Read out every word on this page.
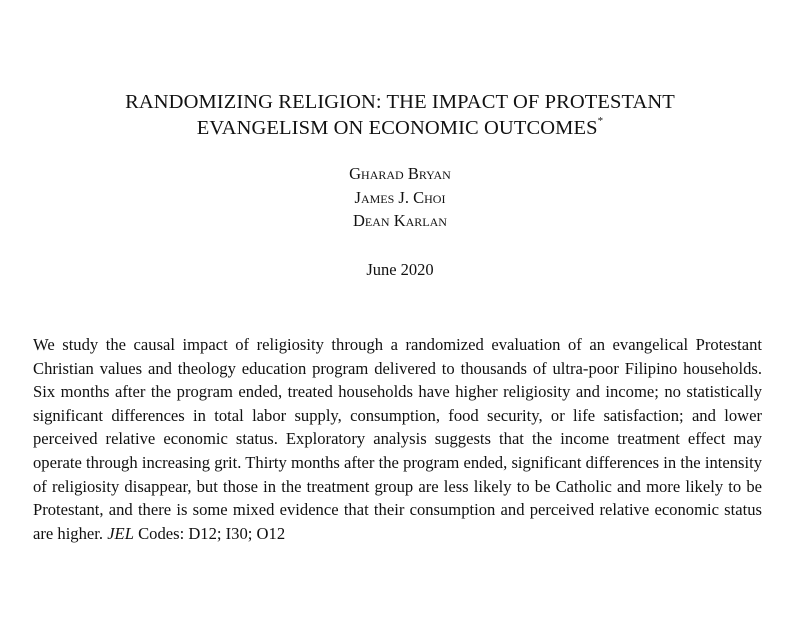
RANDOMIZING RELIGION: THE IMPACT OF PROTESTANT
EVANGELISM ON ECONOMIC OUTCOMES*
Gharad Bryan
James J. Choi
Dean Karlan
June 2020

We study the causal impact of religiosity through a randomized evaluation of an evangelical Protestant Christian values and theology education program delivered to thousands of ultra-poor Filipino households. Six months after the program ended, treated households have higher religiosity and income; no statistically significant differences in total labor supply, consumption, food security, or life satisfaction; and lower perceived relative economic status. Exploratory analysis suggests that the income treatment effect may operate through increasing grit. Thirty months after the program ended, significant differences in the intensity of religiosity disappear, but those in the treatment group are less likely to be Catholic and more likely to be Protestant, and there is some mixed evidence that their consumption and perceived relative economic status are higher. JEL Codes: D12; I30; O12
